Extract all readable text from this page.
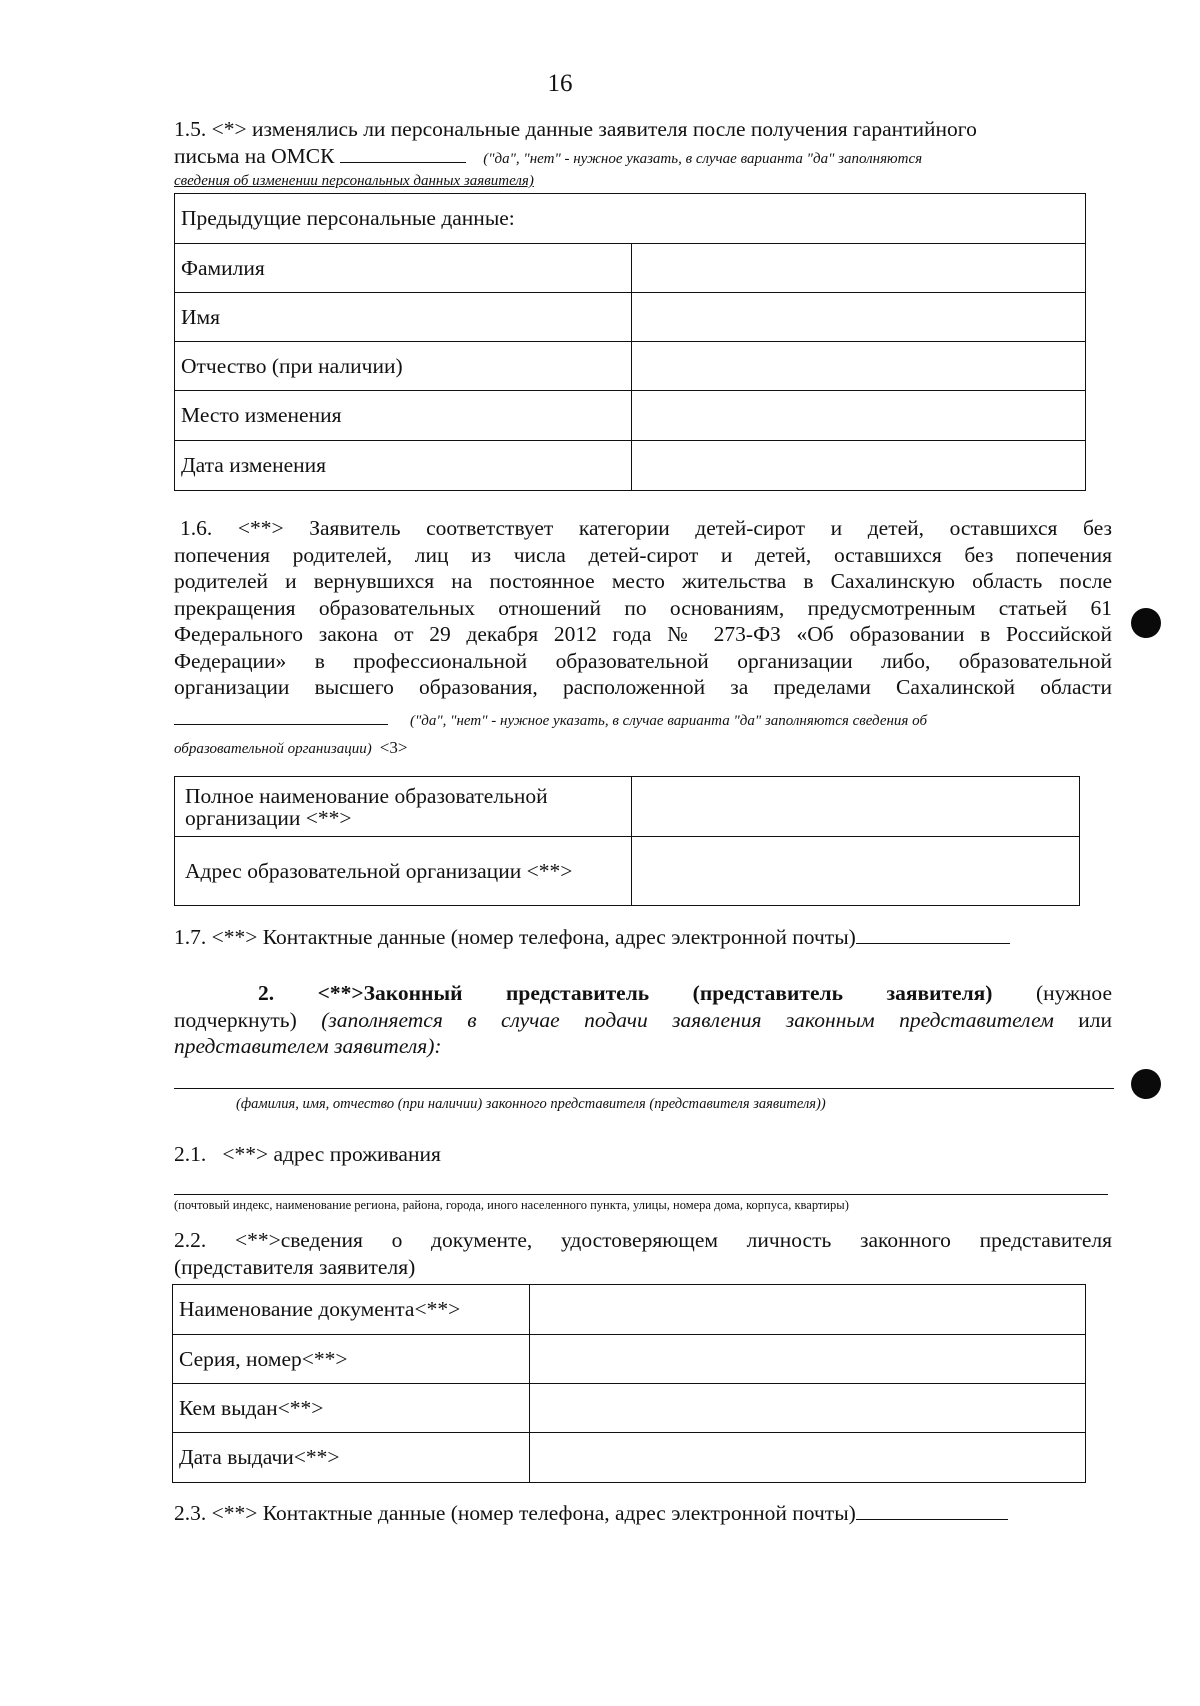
16
1.5. <*> изменялись ли персональные данные заявителя после получения гарантийного
письма на ОМСК	("да", "нет" - нужное указать, в случае варианта "да" заполняются
сведения об изменении персональных данных заявителя)
Предыдущие персональные данные:	
Фамилия	
Имя	
Отчество (при наличии)	
Место изменения	
Дата изменения	
1.6. <**> Заявитель соответствует категории детей-сирот и детей, оставшихся без
попечения родителей, лиц из числа детей-сирот и детей, оставшихся без попечения
родителей и вернувшихся на постоянное место жительства в Сахалинскую область после
прекращения образовательных отношений по основаниям, предусмотренным статьей 61
Федерального закона от 29 декабря 2012 года № 273-ФЗ «Об образовании в Российской
Федерации» в профессиональной образовательной организации либо, образовательной
организации высшего образования, расположенной за пределами Сахалинской области
("да", "нет" - нужное указать, в случае варианта "да" заполняются сведения об
образовательной организации) <3>
Полное наименование образовательной организации <**>	
Адрес образовательной организации <**>	
1.7. <**> Контактные данные (номер телефона, адрес электронной почты)
2. <**>Законный представитель (представитель заявителя) (нужное
подчеркнуть) (заполняется в случае подачи заявления законным представителем или
представителем заявителя):
(фамилия, имя, отчество (при наличии) законного представителя (представителя заявителя))
2.1.   <**> адрес проживания
(почтовый индекс, наименование региона, района, города, иного населенного пункта, улицы, номера дома, корпуса, квартиры)
2.2. <**>сведения о документе, удостоверяющем личность законного представителя
(представителя заявителя)
Наименование документа<**>	
Серия, номер<**>	
Кем выдан<**>	
Дата выдачи<**>	
2.3. <**> Контактные данные (номер телефона, адрес электронной почты)
